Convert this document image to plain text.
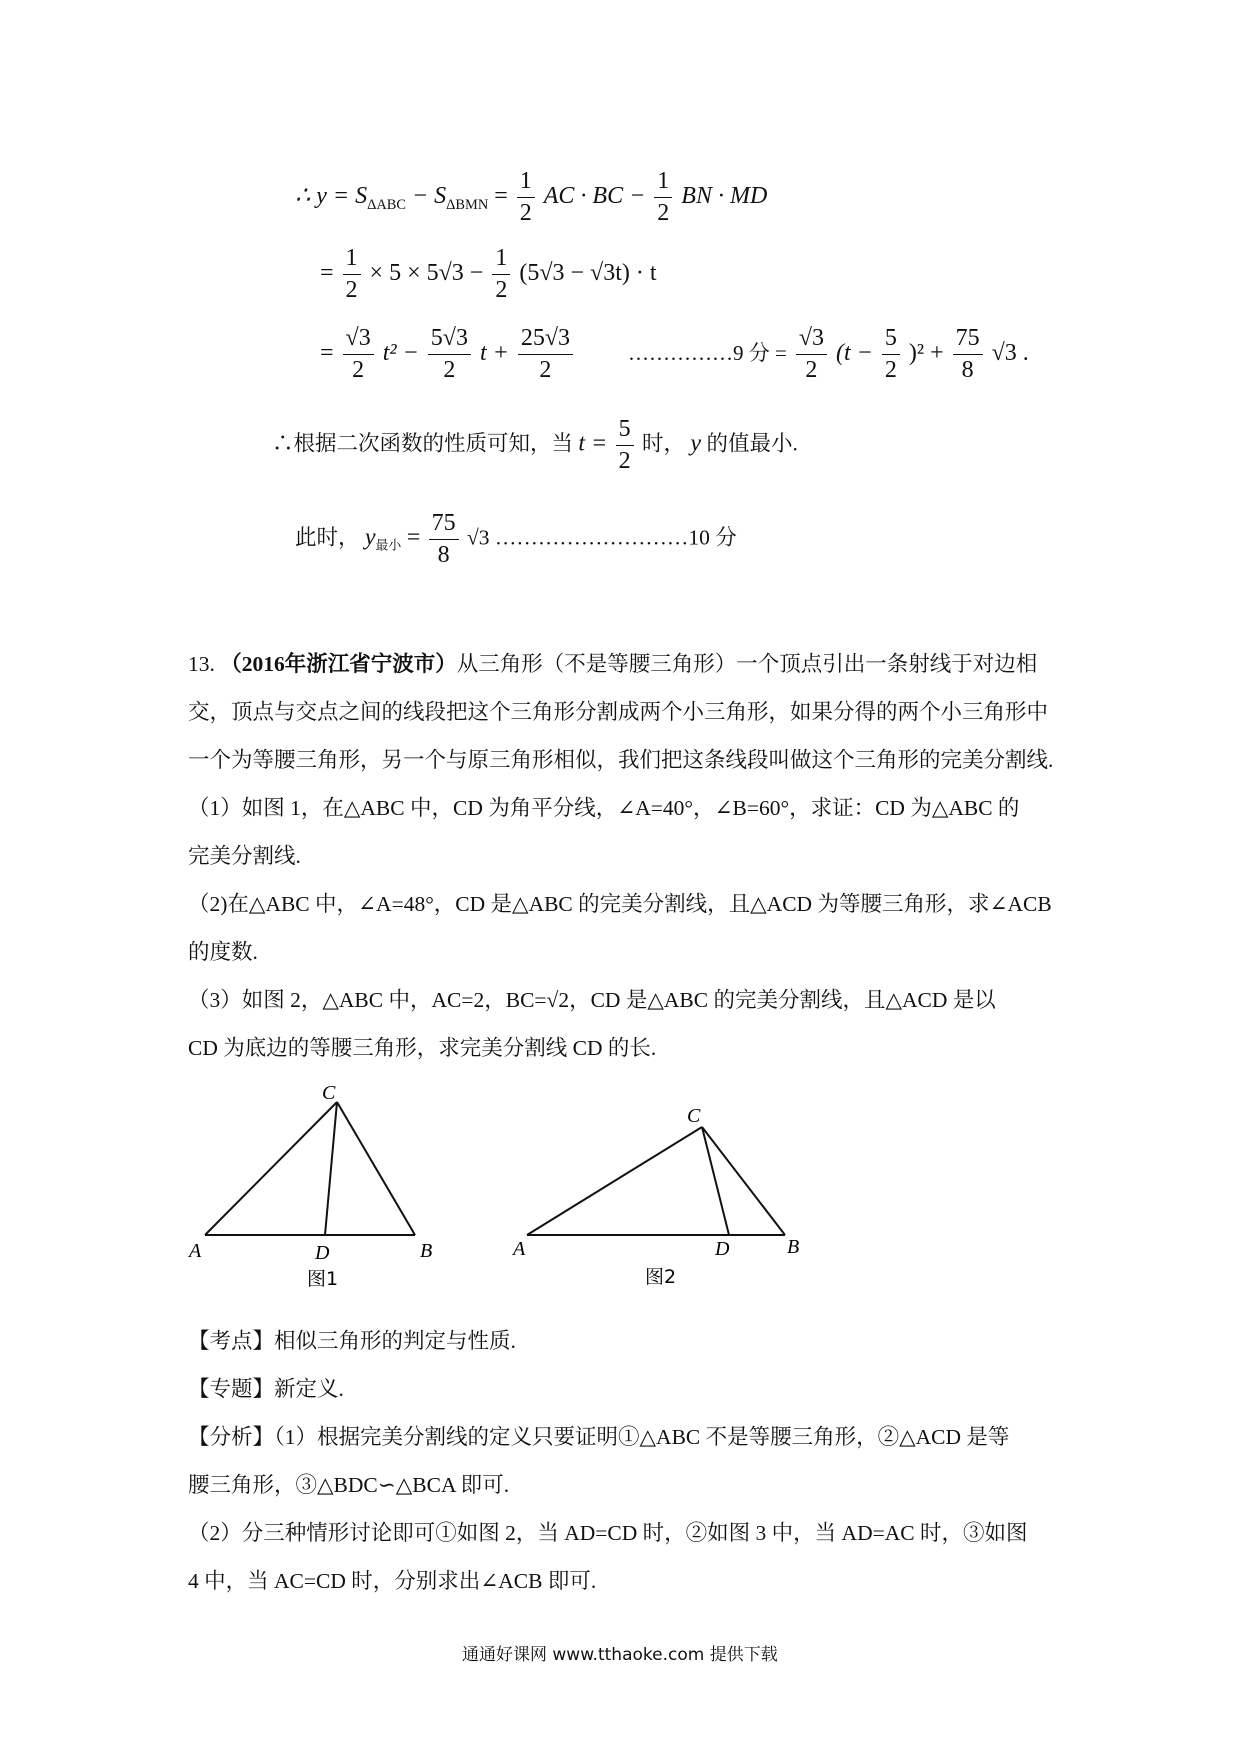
∴ $y = S_{\Delta ABC} - S_{\Delta BMN} = \frac{1}{2}$ AC · BC − $\frac{1}{2}$ BN · MD
= $\frac{1}{2} \times 5 \times 5√3 - \frac{1}{2} (5√3 - √3t) \cdot t$
= $\frac{√3}{2} t^2 - \frac{5√3}{2}$ $t + \frac{25√3}{2}$	……………9 分 = $\frac{√3}{2} (t - \frac{5}{2} )^2 + \frac{75}{8} √3$ .
∴根据二次函数的性质可知，当 $t = \frac{5}{2}$ 时， y 的值最小.
此时， $y_{最小} = \frac{75}{8} √3$ ………………………10 分
13. （2016年浙江省宁波市）从三角形（不是等腰三角形）一个顶点引出一条射线于对边相
交，顶点与交点之间的线段把这个三角形分割成两个小三角形，如果分得的两个小三角形中
一个为等腰三角形，另一个与原三角形相似，我们把这条线段叫做这个三角形的完美分割线.
（1）如图 1，在△ABC 中，CD 为角平分线，∠A=40°，∠B=60°，求证：CD 为△ABC 的
完美分割线.
（2)在△ABC 中，∠A=48°，CD 是△ABC 的完美分割线，且△ACD 为等腰三角形，求∠ACB
的度数.
（3）如图 2，△ABC 中，AC=2，BC=√2，CD 是△ABC 的完美分割线，且△ACD 是以
CD 为底边的等腰三角形，求完美分割线 CD 的长.
A	B
C
D
图1
A	B
C
D
图2
【考点】相似三角形的判定与性质.
【专题】新定义.
【分析】（1）根据完美分割线的定义只要证明①△ABC 不是等腰三角形，②△ACD 是等
腰三角形，③△BDC∽△BCA 即可.
（2）分三种情形讨论即可①如图 2，当 AD=CD 时，②如图 3 中，当 AD=AC 时，③如图
4 中，当 AC=CD 时，分别求出∠ACB 即可.
通通好课网 www.tthaoke.com 提供下载
